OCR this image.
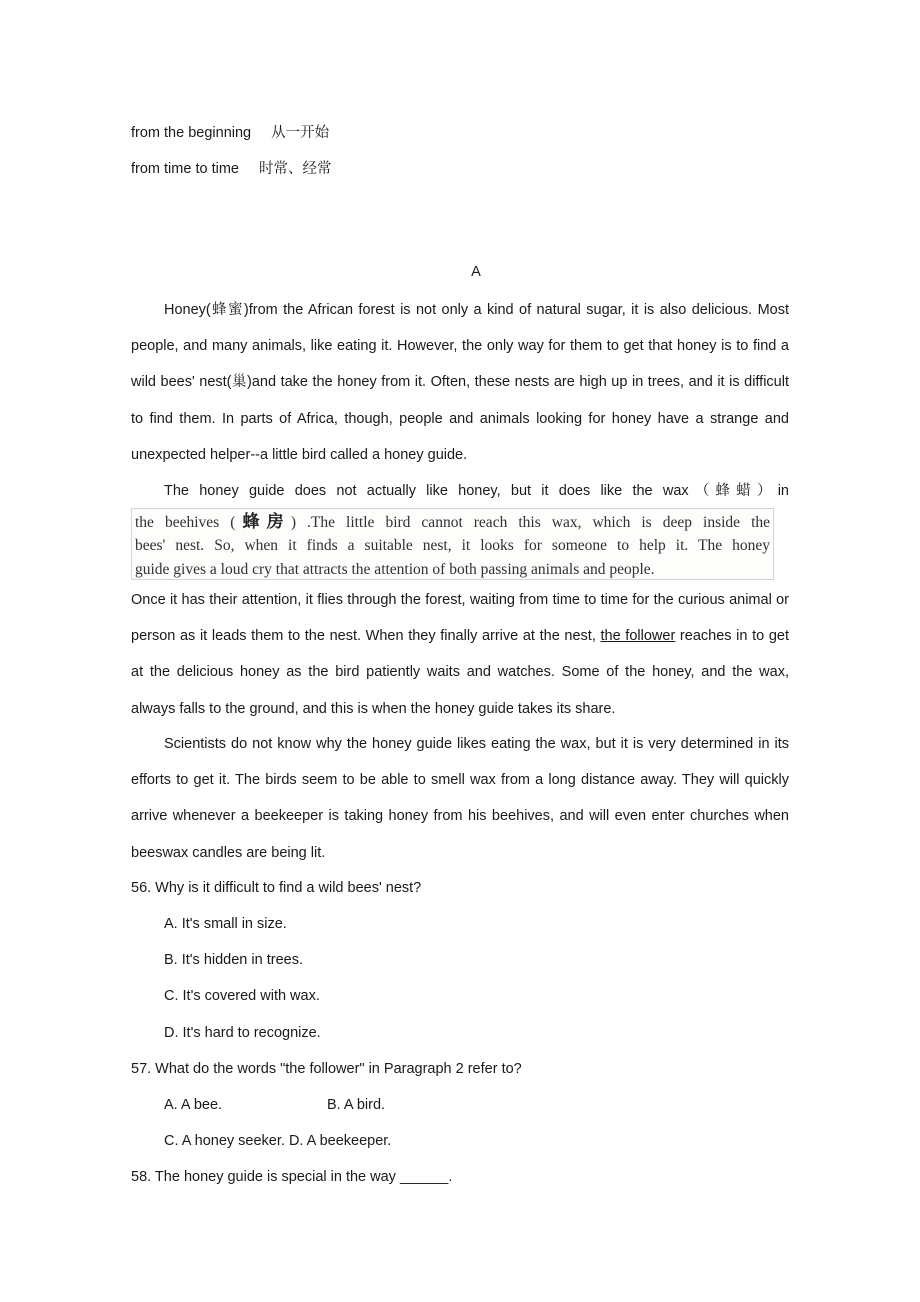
from the beginning 从一开始
from time to time 时常、经常
A

Honey(蜂蜜)from the African forest is not only a kind of natural sugar, it is also delicious. Most people, and many animals, like eating it. However, the only way for them to get that honey is to find a wild bees' nest(巢)and take the honey from it. Often, these nests are high up in trees, and it is difficult to find them. In parts of Africa, though, people and animals looking for honey have a strange and unexpected helper--a little bird called a honey guide.

The honey guide does not actually like honey, but it does like the wax（蜂蜡）in

the beehives (蜂房) .The little bird cannot reach this wax, which is deep inside the
bees' nest. So, when it finds a suitable nest, it looks for someone to help it. The honey
guide gives a loud cry that attracts the attention of both passing animals and people.

Once it has their attention, it flies through the forest, waiting from time to time for the curious animal or person as it leads them to the nest. When they finally arrive at the nest, the follower reaches in to get at the delicious honey as the bird patiently waits and watches. Some of the honey, and the wax, always falls to the ground, and this is when the honey guide takes its share.

Scientists do not know why the honey guide likes eating the wax, but it is very determined in its efforts to get it. The birds seem to be able to smell wax from a long distance away. They will quickly arrive whenever a beekeeper is taking honey from his beehives, and will even enter churches when beeswax candles are being lit.

56. Why is it difficult to find a wild bees' nest?
A. It's small in size.
B. It's hidden in trees.
C. It's covered with wax.
D. It's hard to recognize.
57. What do the words "the follower" in Paragraph 2 refer to?
A. A bee.	B. A bird.
C. A honey seeker. D. A beekeeper.
58. The honey guide is special in the way ______.
